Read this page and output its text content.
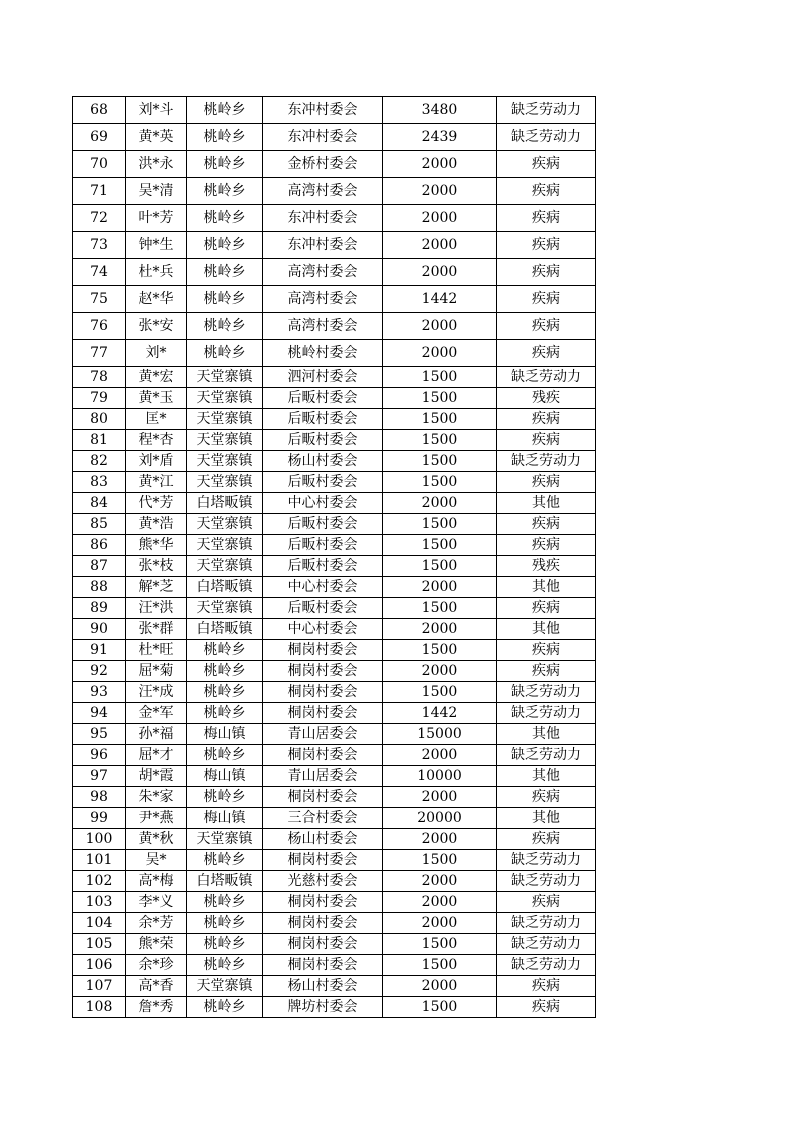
68	刘*斗	桃岭乡	东冲村委会	3480	缺乏劳动力
69	黄*英	桃岭乡	东冲村委会	2439	缺乏劳动力
70	洪*永	桃岭乡	金桥村委会	2000	疾病
71	吴*清	桃岭乡	高湾村委会	2000	疾病
72	叶*芳	桃岭乡	东冲村委会	2000	疾病
73	钟*生	桃岭乡	东冲村委会	2000	疾病
74	杜*兵	桃岭乡	高湾村委会	2000	疾病
75	赵*华	桃岭乡	高湾村委会	1442	疾病
76	张*安	桃岭乡	高湾村委会	2000	疾病
77	刘*	桃岭乡	桃岭村委会	2000	疾病
78	黄*宏	天堂寨镇	泗河村委会	1500	缺乏劳动力
79	黄*玉	天堂寨镇	后畈村委会	1500	残疾
80	匡*	天堂寨镇	后畈村委会	1500	疾病
81	程*杏	天堂寨镇	后畈村委会	1500	疾病
82	刘*盾	天堂寨镇	杨山村委会	1500	缺乏劳动力
83	黄*江	天堂寨镇	后畈村委会	1500	疾病
84	代*芳	白塔畈镇	中心村委会	2000	其他
85	黄*浩	天堂寨镇	后畈村委会	1500	疾病
86	熊*华	天堂寨镇	后畈村委会	1500	疾病
87	张*枝	天堂寨镇	后畈村委会	1500	残疾
88	解*芝	白塔畈镇	中心村委会	2000	其他
89	汪*洪	天堂寨镇	后畈村委会	1500	疾病
90	张*群	白塔畈镇	中心村委会	2000	其他
91	杜*旺	桃岭乡	桐岗村委会	1500	疾病
92	屈*菊	桃岭乡	桐岗村委会	2000	疾病
93	汪*成	桃岭乡	桐岗村委会	1500	缺乏劳动力
94	金*军	桃岭乡	桐岗村委会	1442	缺乏劳动力
95	孙*福	梅山镇	青山居委会	15000	其他
96	屈*才	桃岭乡	桐岗村委会	2000	缺乏劳动力
97	胡*霞	梅山镇	青山居委会	10000	其他
98	朱*家	桃岭乡	桐岗村委会	2000	疾病
99	尹*燕	梅山镇	三合村委会	20000	其他
100	黄*秋	天堂寨镇	杨山村委会	2000	疾病
101	吴*	桃岭乡	桐岗村委会	1500	缺乏劳动力
102	高*梅	白塔畈镇	光慈村委会	2000	缺乏劳动力
103	李*义	桃岭乡	桐岗村委会	2000	疾病
104	余*芳	桃岭乡	桐岗村委会	2000	缺乏劳动力
105	熊*荣	桃岭乡	桐岗村委会	1500	缺乏劳动力
106	余*珍	桃岭乡	桐岗村委会	1500	缺乏劳动力
107	高*香	天堂寨镇	杨山村委会	2000	疾病
108	詹*秀	桃岭乡	牌坊村委会	1500	疾病
